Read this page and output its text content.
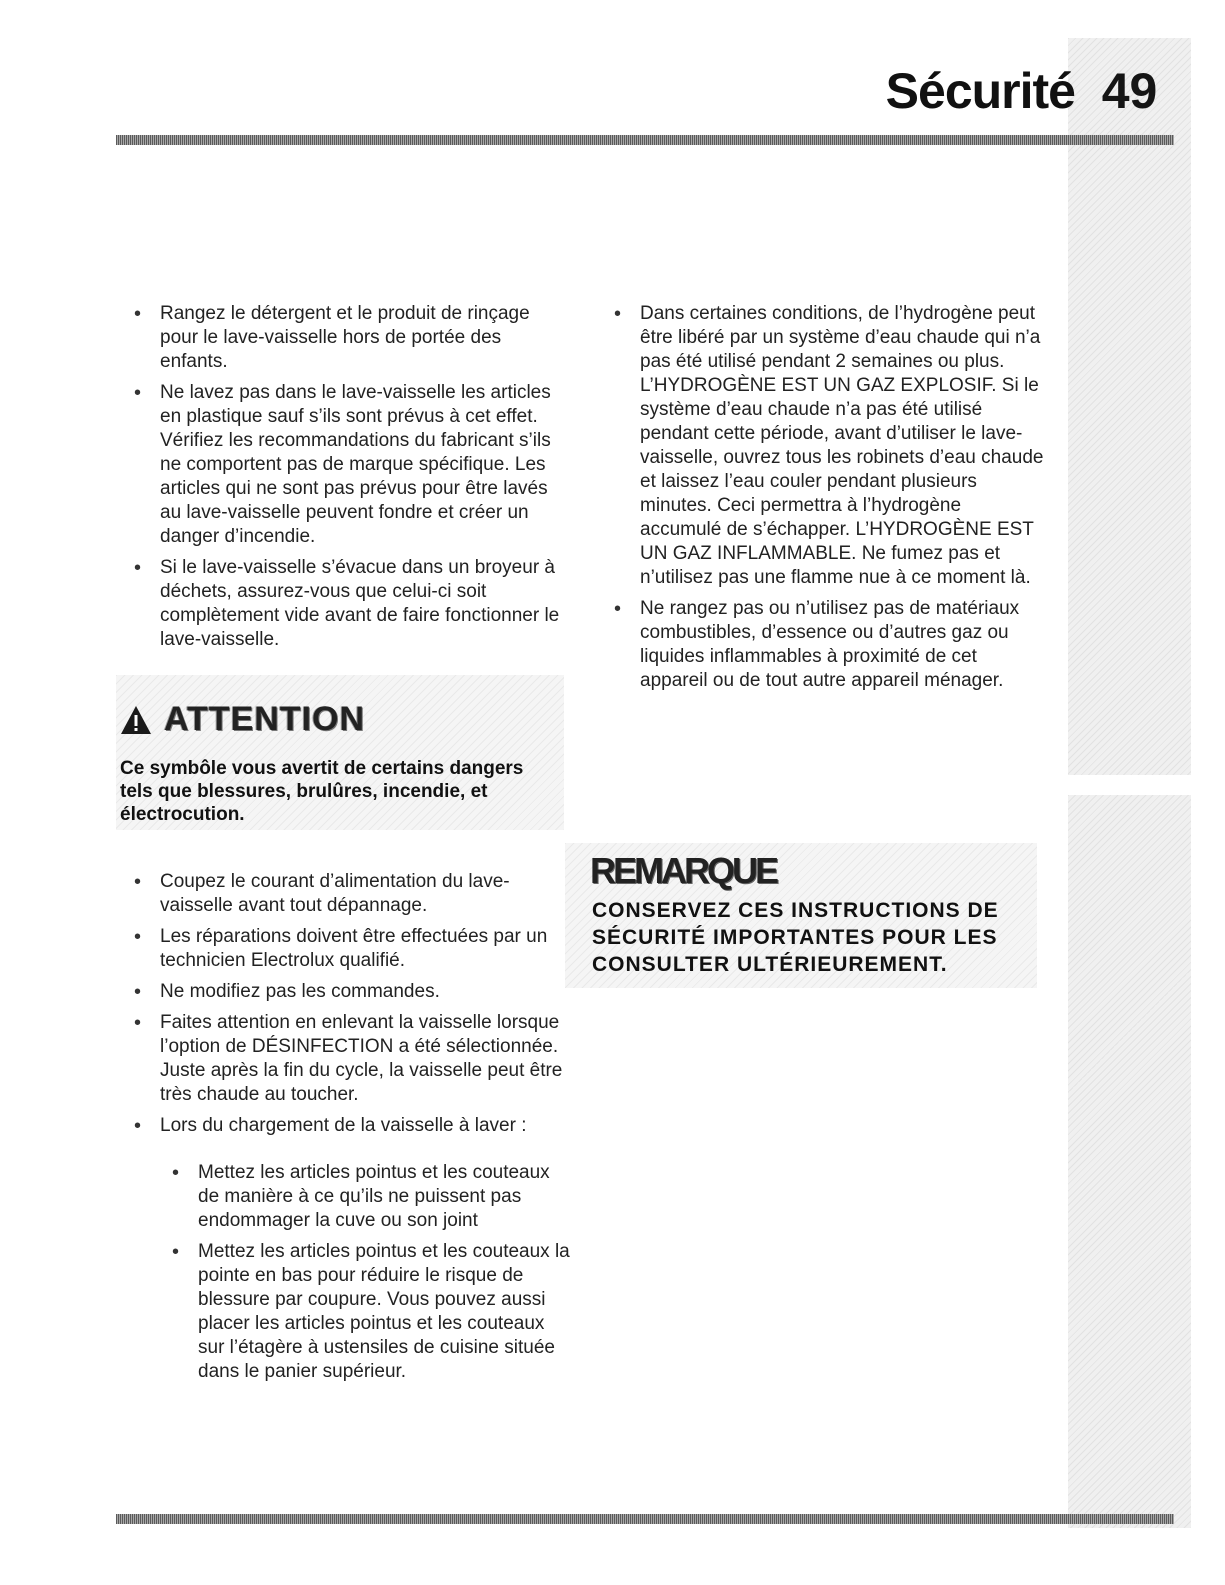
Sécurité 49
• Rangez le détergent et le produit de rinçage pour le lave-vaisselle hors de portée des enfants.
• Ne lavez pas dans le lave-vaisselle les articles en plastique sauf s’ils sont prévus à cet effet. Vérifiez les recommandations du fabricant s’ils ne comportent pas de marque spécifique. Les articles qui ne sont pas prévus pour être lavés au lave-vaisselle peuvent fondre et créer un danger d’incendie.
• Si le lave-vaisselle s’évacue dans un broyeur à déchets, assurez-vous que celui-ci soit complètement vide avant de faire fonctionner le lave-vaisselle.
• Dans certaines conditions, de l’hydrogène peut être libéré par un système d’eau chaude qui n’a pas été utilisé pendant 2 semaines ou plus. L’HYDROGÈNE EST UN GAZ EXPLOSIF. Si le système d’eau chaude n’a pas été utilisé pendant cette période, avant d’utiliser le lave-vaisselle, ouvrez tous les robinets d’eau chaude et laissez l’eau couler pendant plusieurs minutes. Ceci permettra à l’hydrogène accumulé de s’échapper. L’HYDROGÈNE EST UN GAZ INFLAMMABLE. Ne fumez pas et n’utilisez pas une flamme nue à ce moment là.
• Ne rangez pas ou n’utilisez pas de matériaux combustibles, d’essence ou d’autres gaz ou liquides inflammables à proximité de cet appareil ou de tout autre appareil ménager.
ATTENTION
Ce symbôle vous avertit de certains dangers tels que blessures, brulûres, incendie, et électrocution.
• Coupez le courant d’alimentation du lave-vaisselle avant tout dépannage.
• Les réparations doivent être effectuées par un technicien Electrolux qualifié.
• Ne modifiez pas les commandes.
• Faites attention en enlevant la vaisselle lorsque l’option de DÉSINFECTION a été sélectionnée. Juste après la fin du cycle, la vaisselle peut être très chaude au toucher.
• Lors du chargement de la vaisselle à laver :
• Mettez les articles pointus et les couteaux de manière à ce qu’ils ne puissent pas endommager la cuve ou son joint
• Mettez les articles pointus et les couteaux la pointe en bas pour réduire le risque de blessure par coupure. Vous pouvez aussi placer les articles pointus et les couteaux sur l’étagère à ustensiles de cuisine située dans le panier supérieur.
REMARQUE
CONSERVEZ CES INSTRUCTIONS DE SÉCURITÉ IMPORTANTES POUR LES CONSULTER ULTÉRIEUREMENT.
